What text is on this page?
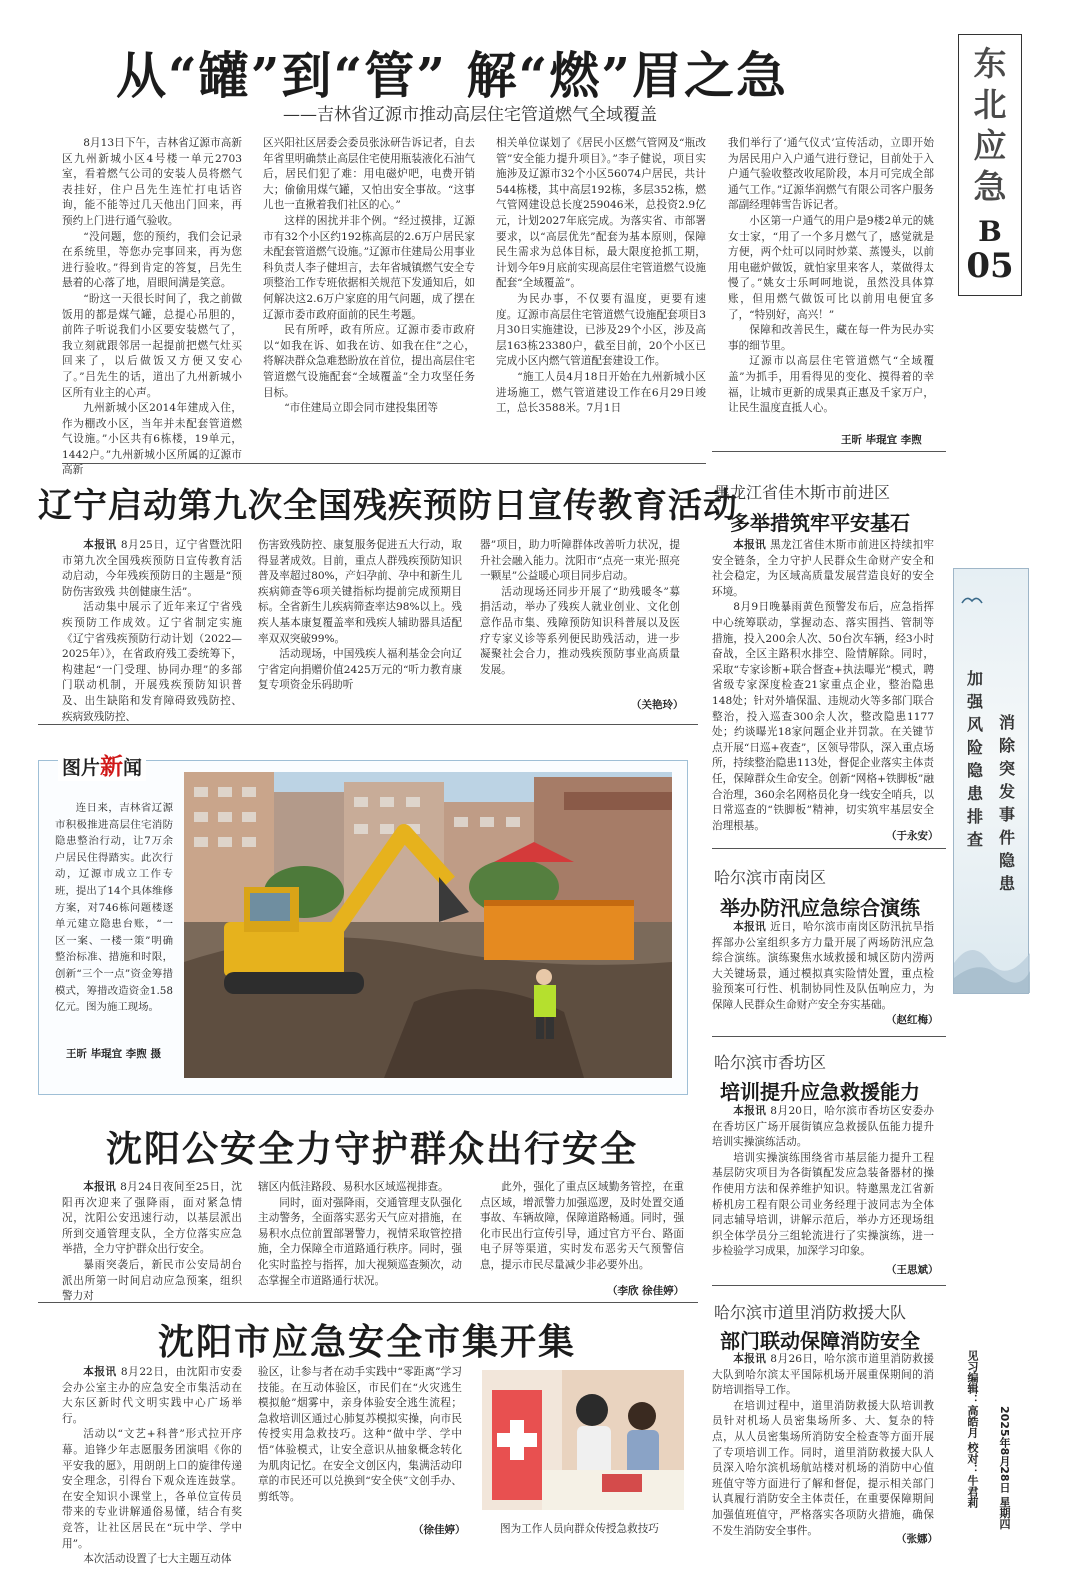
东
北
应
急
B
05
从“罐”到“管” 解“燃”眉之急
——吉林省辽源市推动高层住宅管道燃气全域覆盖

8月13日下午，吉林省辽源市高新区九州新城小区4号楼一单元2703室，看着燃气公司的安装人员将燃气表挂好，住户吕先生连忙打电话咨询，能不能等过几天他出门回来，再预约上门进行通气验收。

“没问题，您的预约，我们会记录在系统里，等您办完事回来，再为您进行验收。”得到肯定的答复，吕先生悬着的心落了地，眉眼间满是笑意。

“盼这一天很长时间了，我之前做饭用的都是煤气罐，总提心吊胆的，前阵子听说我们小区要安装燃气了，我立刻就跟邻居一起提前把燃气灶买回来了，以后做饭又方便又安心了。”吕先生的话，道出了九州新城小区所有业主的心声。

九州新城小区2014年建成入住，作为棚改小区，当年并未配套管道燃气设施。”小区共有6栋楼，19单元，1442户。”九州新城小区所属的辽源市高新

区兴阳社区居委会委员张泳研告诉记者，自去年省里明确禁止高层住宅使用瓶装液化石油气后，居民们犯了难：用电磁炉吧，电费开销大；偷偷用煤气罐，又怕出安全事故。“这事儿也一直揪着我们社区的心。”

这样的困扰并非个例。“经过摸排，辽源市有32个小区约192栋高层的2.6万户居民家未配套管道燃气设施。”辽源市住建局公用事业科负责人李子健坦言，去年省城镇燃气安全专项整治工作专班依据相关规范下发通知后，如何解决这2.6万户家庭的用气问题，成了摆在辽源市委市政府面前的民生考题。

民有所呼，政有所应。辽源市委市政府以“如我在诉、如我在访、如我在住”之心，将解决群众急难愁盼放在首位，提出高层住宅管道燃气设施配套“全域覆盖”全力攻坚任务目标。

“市住建局立即会同市建投集团等

相关单位谋划了《居民小区燃气管网及“瓶改管”安全能力提升项目》。”李子健说，项目实施涉及辽源市32个小区56074户居民，共计544栋楼，其中高层192栋，多层352栋，燃气管网建设总长度259046米，总投资2.9亿元，计划2027年底完成。为落实省、市部署要求，以“高层优先”配套为基本原则，保障民生需求为总体目标，最大限度抢抓工期，计划今年9月底前实现高层住宅管道燃气设施配套“全域覆盖”。

为民办事，不仅要有温度，更要有速度。辽源市高层住宅管道燃气设施配套项目3月30日实施建设，已涉及29个小区，涉及高层163栋23380户，截至目前，20个小区已完成小区内燃气管道配套建设工作。

“施工人员4月18日开始在九州新城小区进场施工，燃气管道建设工作在6月29日竣工，总长3588米。7月1日

我们举行了‘通气仪式’宣传活动，立即开始为居民用户入户通气进行登记，目前处于入户通气验收整改收尾阶段，本月可完成全部通气工作。”辽源华润燃气有限公司客户服务部副经理韩雪告诉记者。

小区第一户通气的用户是9楼2单元的姚女士家，“用了一个多月燃气了，感觉就是方便，两个灶可以同时炒菜、蒸馒头，以前用电磁炉做饭，就怕家里来客人，菜做得太慢了。”姚女士乐呵呵地说，虽然没具体算账，但用燃气做饭可比以前用电便宜多了，“特别好，高兴！”

保障和改善民生，藏在每一件为民办实事的细节里。

辽源市以高层住宅管道燃气“全域覆盖”为抓手，用看得见的变化、摸得着的幸福，让城市更新的成果真正惠及千家万户，让民生温度直抵人心。

王昕 毕琨宜 李煦
辽宁启动第九次全国残疾预防日宣传教育活动

本报讯 8月25日，辽宁省暨沈阳市第九次全国残疾预防日宣传教育活动启动，今年残疾预防日的主题是“预防伤害致残 共创健康生活”。

活动集中展示了近年来辽宁省残疾预防工作成效。辽宁省制定实施《辽宁省残疾预防行动计划（2022—2025年）》，在省政府残工委统筹下，构建起“一门受理、协同办理”的多部门联动机制，开展残疾预防知识普及、出生缺陷和发育障碍致残防控、疾病致残防控、

伤害致残防控、康复服务促进五大行动，取得显著成效。目前，重点人群残疾预防知识普及率超过80%，产妇孕前、孕中和新生儿疾病筛查等6项关键指标均提前完成预期目标。全省新生儿疾病筛查率达98%以上。残疾人基本康复覆盖率和残疾人辅助器具适配率双双突破99%。

活动现场，中国残疾人福利基金会向辽宁省定向捐赠价值2425万元的“听力教育康复专项资金乐码助听

器”项目，助力听障群体改善听力状况，提升社会融入能力。沈阳市“点亮一束光·照亮一颗星”公益暖心项目同步启动。

活动现场还同步开展了“助残暖冬”募捐活动，举办了残疾人就业创业、文化创意作品市集、残障预防知识科普展以及医疗专家义诊等系列便民助残活动，进一步凝聚社会合力，推动残疾预防事业高质量发展。

（关艳玲）
图片新闻
连日来，吉林省辽源市积极推进高层住宅消防隐患整治行动，让7万余户居民住得踏实。此次行动，辽源市成立工作专班，提出了14个具体维修方案，对746栋问题楼逐单元建立隐患台账，“一区一案、一楼一策”明确整治标准、措施和时限，创新“三个一点”资金筹措模式，筹措改造资金1.58亿元。图为施工现场。
王昕 毕琨宜 李煦 摄
沈阳公安全力守护群众出行安全

本报讯 8月24日夜间至25日，沈阳再次迎来了强降雨，面对紧急情况，沈阳公安迅速行动，以基层派出所到交通管理支队，全方位落实应急举措，全力守护群众出行安全。

暴雨突袭后，新民市公安局胡台派出所第一时间启动应急预案，组织警力对

辖区内低洼路段、易积水区域巡视排查。

同时，面对强降雨，交通管理支队强化主动警务，全面落实恶劣天气应对措施，在易积水点位前置部署警力，视情采取管控措施，全力保障全市道路通行秩序。同时，强化实时监控与指挥，加大视频巡查频次，动态掌握全市道路通行状况。

此外，强化了重点区域勤务管控，在重点区域，增派警力加强巡逻，及时处置交通事故、车辆故障，保障道路畅通。同时，强化市民出行宣传引导，通过官方平台、路面电子屏等渠道，实时发布恶劣天气预警信息，提示市民尽量减少非必要外出。

（李欣 徐佳婷）
沈阳市应急安全市集开集

本报讯 8月22日，由沈阳市安委会办公室主办的应急安全市集活动在大东区新时代文明实践中心广场举行。

活动以“文艺+科普”形式拉开序幕。追锋少年志愿服务团演唱《你的平安我的愿》，用朗朗上口的旋律传递安全理念，引得台下观众连连鼓掌。在安全知识小课堂上，各单位宣传员带来的专业讲解通俗易懂，结合有奖竞答，让社区居民在“玩中学、学中用”。

本次活动设置了七大主题互动体

验区，让参与者在动手实践中“零距离”学习技能。在互动体验区，市民们在“火灾逃生模拟舱”烟雾中，亲身体验安全逃生流程；急救培训区通过心肺复苏模拟实操，向市民传授实用急救技巧。这种“做中学、学中悟”体验模式，让安全意识从抽象概念转化为肌肉记忆。在安全文创区内，集满活动印章的市民还可以兑换到“安全侠”文创手办、剪纸等。

（徐佳婷）	图为工作人员向群众传授急救技巧
黑龙江省佳木斯市前进区
多举措筑牢平安基石

本报讯 黑龙江省佳木斯市前进区持续扣牢安全链条，全力守护人民群众生命财产安全和社会稳定，为区域高质量发展营造良好的安全环境。

8月9日晚暴雨黄色预警发布后，应急指挥中心统筹联动，掌握动态、落实围挡、管制等措施，投入200余人次、50台次车辆，经3小时奋战，全区主路积水排空、险情解除。同时，采取“专家诊断+联合督查+执法曝光”模式，聘省级专家深度检查21家重点企业，整治隐患148处；针对外墙保温、违规动火等多部门联合整治，投入巡查300余人次，整改隐患1177处；约谈曝光18家问题企业并罚款。在关键节点开展“日巡+夜查”，区领导带队，深入重点场所，持续整治隐患113处，督促企业落实主体责任，保障群众生命安全。创新“网格+铁脚板”融合治理，360余名网格员化身一线安全哨兵，以日常巡查的“铁脚板”精神，切实筑牢基层安全治理根基。

（于永安）
哈尔滨市南岗区
举办防汛应急综合演练

本报讯 近日，哈尔滨市南岗区防汛抗旱指挥部办公室组织多方力量开展了两场防汛应急综合演练。演练聚焦水域救援和城区防内涝两大关键场景，通过模拟真实险情处置，重点检验预案可行性、机制协同性及队伍响应力，为保障人民群众生命财产安全夯实基础。

（赵红梅）
哈尔滨市香坊区
培训提升应急救援能力

本报讯 8月20日，哈尔滨市香坊区安委办在香坊区广场开展街镇应急救援队伍能力提升培训实操演练活动。

培训实操演练围绕省市基层能力提升工程基层防灾项目为各街镇配发应急装备器材的操作使用方法和保养维护知识。特邀黑龙江省新桥机房工程有限公司业务经理于波同志为全体同志辅导培训，讲解示范后，举办方还现场组织全体学员分三组轮流进行了实操演练，进一步检验学习成果，加深学习印象。

（王思斌）
哈尔滨市道里消防救援大队
部门联动保障消防安全

本报讯 8月26日，哈尔滨市道里消防救援大队到哈尔滨太平国际机场开展重保期间的消防培训指导工作。

在培训过程中，道里消防救援大队培训教员针对机场人员密集场所多、大、复杂的特点，从人员密集场所消防安全检查等方面开展了专项培训工作。同时，道里消防救援大队人员深入哈尔滨机场航站楼对机场的消防中心值班值守等方面进行了解和督促，提示相关部门认真履行消防安全主体责任，在重要保障期间加强值班值守，严格落实各项防火措施，确保不发生消防安全事件。

（张娜）
加
强
风
险
隐
患
排
查
消
除
突
发
事
件
隐
患
2025年8月28日 星期四
见习编辑：高皓月 校对：牛君莉
